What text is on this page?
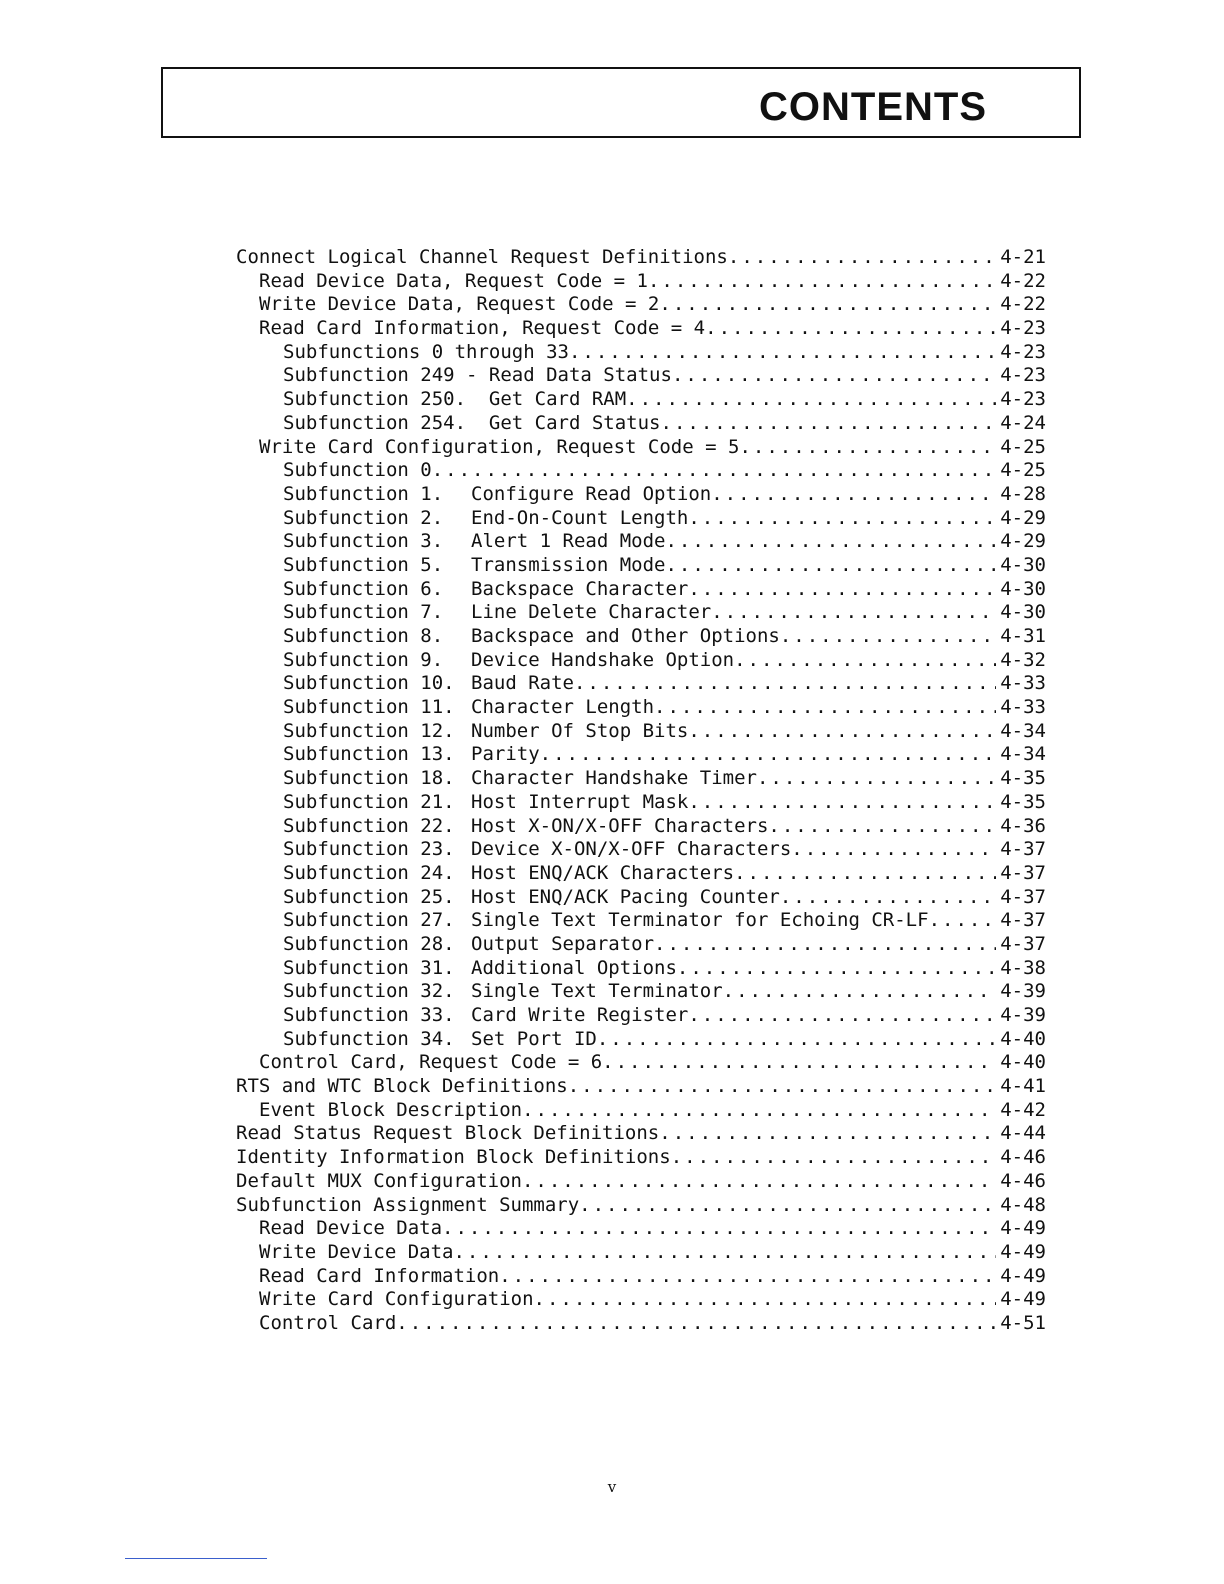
CONTENTS
Connect Logical Channel Request Definitions .....	4-21
Read Device Data, Request Code = 1 .....	4-22
Write Device Data, Request Code = 2 .....	4-22
Read Card Information, Request Code = 4 .....	4-23
Subfunctions 0 through 33 .....	4-23
Subfunction 249 - Read Data Status .....	4-23
Subfunction 250.  Get Card RAM .....	4-23
Subfunction 254.  Get Card Status .....	4-24
Write Card Configuration, Request Code = 5 .....	4-25
Subfunction 0 .....	4-25
Subfunction 1.	Configure Read Option .....	4-28
Subfunction 2.	End-On-Count Length .....	4-29
Subfunction 3.	Alert 1 Read Mode .....	4-29
Subfunction 5.	Transmission Mode .....	4-30
Subfunction 6.	Backspace Character .....	4-30
Subfunction 7.	Line Delete Character .....	4-30
Subfunction 8.	Backspace and Other Options .....	4-31
Subfunction 9.	Device Handshake Option .....	4-32
Subfunction 10. Baud Rate .....	4-33
Subfunction 11. Character Length .....	4-33
Subfunction 12. Number Of Stop Bits .....	4-34
Subfunction 13. Parity .....	4-34
Subfunction 18. Character Handshake Timer .....	4-35
Subfunction 21. Host Interrupt Mask .....	4-35
Subfunction 22. Host X-ON/X-OFF Characters .....	4-36
Subfunction 23. Device X-ON/X-OFF Characters .....	4-37
Subfunction 24. Host ENQ/ACK Characters .....	4-37
Subfunction 25. Host ENQ/ACK Pacing Counter .....	4-37
Subfunction 27. Single Text Terminator for Echoing CR-LF .....	4-37
Subfunction 28. Output Separator .....	4-37
Subfunction 31. Additional Options .....	4-38
Subfunction 32. Single Text Terminator .....	4-39
Subfunction 33. Card Write Register .....	4-39
Subfunction 34. Set Port ID .....	4-40
Control Card, Request Code = 6 .....	4-40
RTS and WTC Block Definitions .....	4-41
Event Block Description .....	4-42
Read Status Request Block Definitions .....	4-44
Identity Information Block Definitions .....	4-46
Default MUX Configuration .....	4-46
Subfunction Assignment Summary .....	4-48
Read Device Data .....	4-49
Write Device Data .....	4-49
Read Card Information .....	4-49
Write Card Configuration .....	4-49
Control Card .....	4-51
v
